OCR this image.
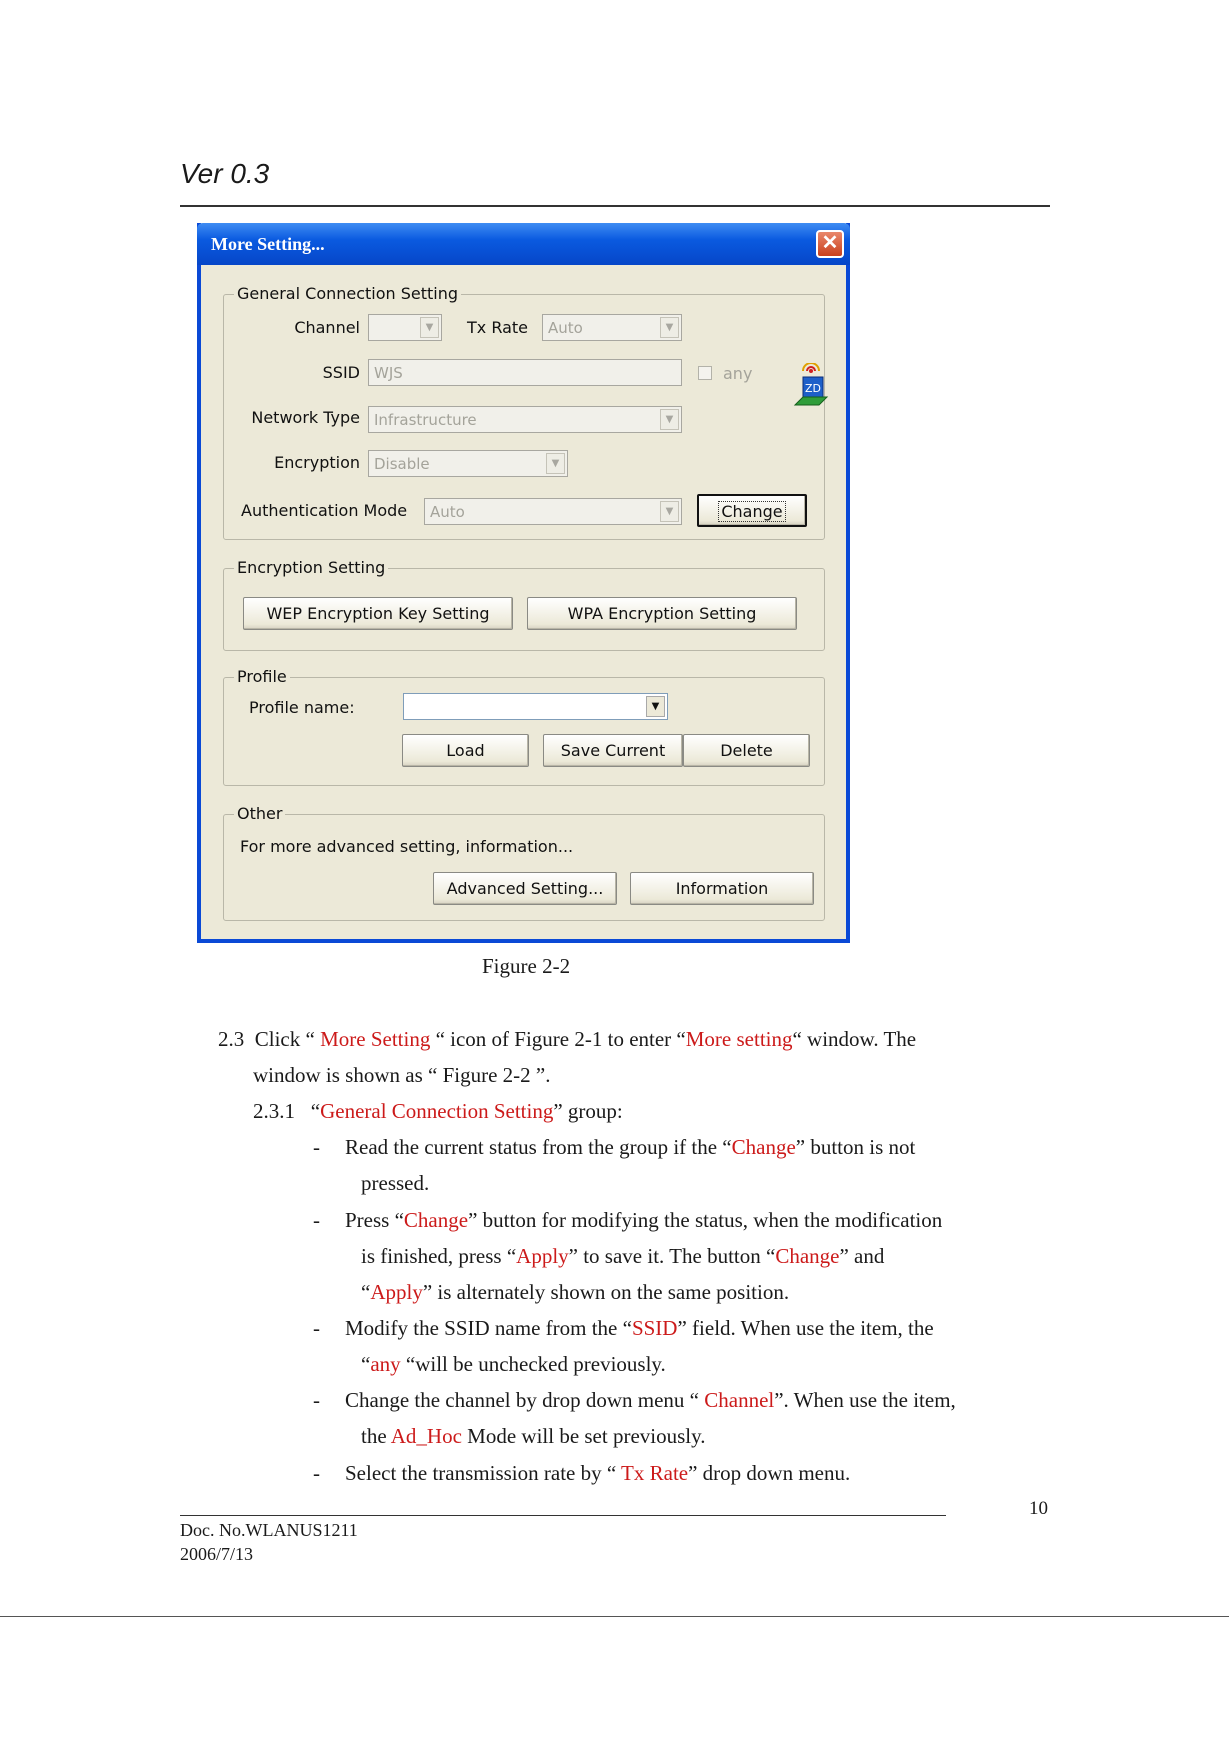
Ver 0.3
More Setting...	✕
General Connection Setting
Channel	▼	Tx Rate	Auto	▼
ZD
SSID WJS	any
Network Type Infrastructure	▼
Encryption Disable	▼
Authentication Mode	Auto	▼	Change
Encryption Setting
WEP Encryption Key Setting	WPA Encryption Setting
Profile
Profile name:	▼
Load	Save Current	Delete
Other
For more advanced setting, information...
Advanced Setting...	Information
Figure 2-2
2.3 Click “ More Setting “ icon of Figure 2-1 to enter “More setting“ window. The
window is shown as “ Figure 2-2 ”.
2.3.1 “General Connection Setting” group:
- Read the current status from the group if the “Change” button is not
pressed.
- Press “Change” button for modifying the status, when the modification
is finished, press “Apply” to save it. The button “Change” and
“Apply” is alternately shown on the same position.
- Modify the SSID name from the “SSID” field. When use the item, the
“any “will be unchecked previously.
- Change the channel by drop down menu “ Channel”. When use the item,
the Ad_Hoc Mode will be set previously.
- Select the transmission rate by “ Tx Rate” drop down menu.
10
Doc. No.WLANUS1211
2006/7/13
